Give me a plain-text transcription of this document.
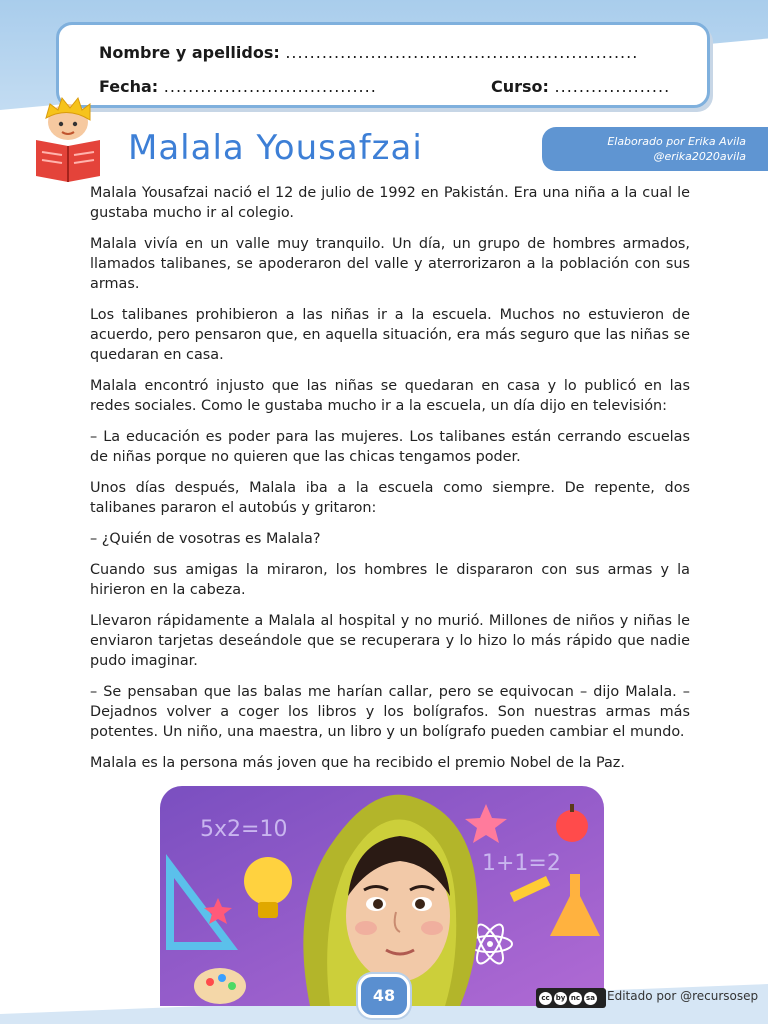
Nombre y apellidos: ..........................................................
Fecha: ...................................	Curso: ...................
Malala Yousafzai	Elaborado por Erika Avila
@erika2020avila

Malala Yousafzai nació el 12 de julio de 1992 en Pakistán. Era una niña a la cual le gustaba mucho ir al colegio.

Malala vivía en un valle muy tranquilo. Un día, un grupo de hombres armados, llamados talibanes, se apoderaron del valle y aterrorizaron a la población con sus armas.

Los talibanes prohibieron a las niñas ir a la escuela. Muchos no estuvieron de acuerdo, pero pensaron que, en aquella situación, era más seguro que las niñas se quedaran en casa.

Malala encontró injusto que las niñas se quedaran en casa y lo publicó en las redes sociales. Como le gustaba mucho ir a la escuela, un día dijo en televisión:

– La educación es poder para las mujeres. Los talibanes están cerrando escuelas de niñas porque no quieren que las chicas tengamos poder.

Unos días después, Malala iba a la escuela como siempre. De repente, dos talibanes pararon el autobús y gritaron:

– ¿Quién de vosotras es Malala?

Cuando sus amigas la miraron, los hombres le dispararon con sus armas y la hirieron en la cabeza.

Llevaron rápidamente a Malala al hospital y no murió. Millones de niños y niñas le enviaron tarjetas deseándole que se recuperara y lo hizo lo más rápido que nadie pudo imaginar.

– Se pensaban que las balas me harían callar, pero se equivocan – dijo Malala. – Dejadnos volver a coger los libros y los bolígrafos. Son nuestras armas más potentes. Un niño, una maestra, un libro y un bolígrafo pueden cambiar el mundo.

Malala es la persona más joven que ha recibido el premio Nobel de la Paz.

5x2=10
1+1=2
48	cc by nc sa Editado por @recursosep
